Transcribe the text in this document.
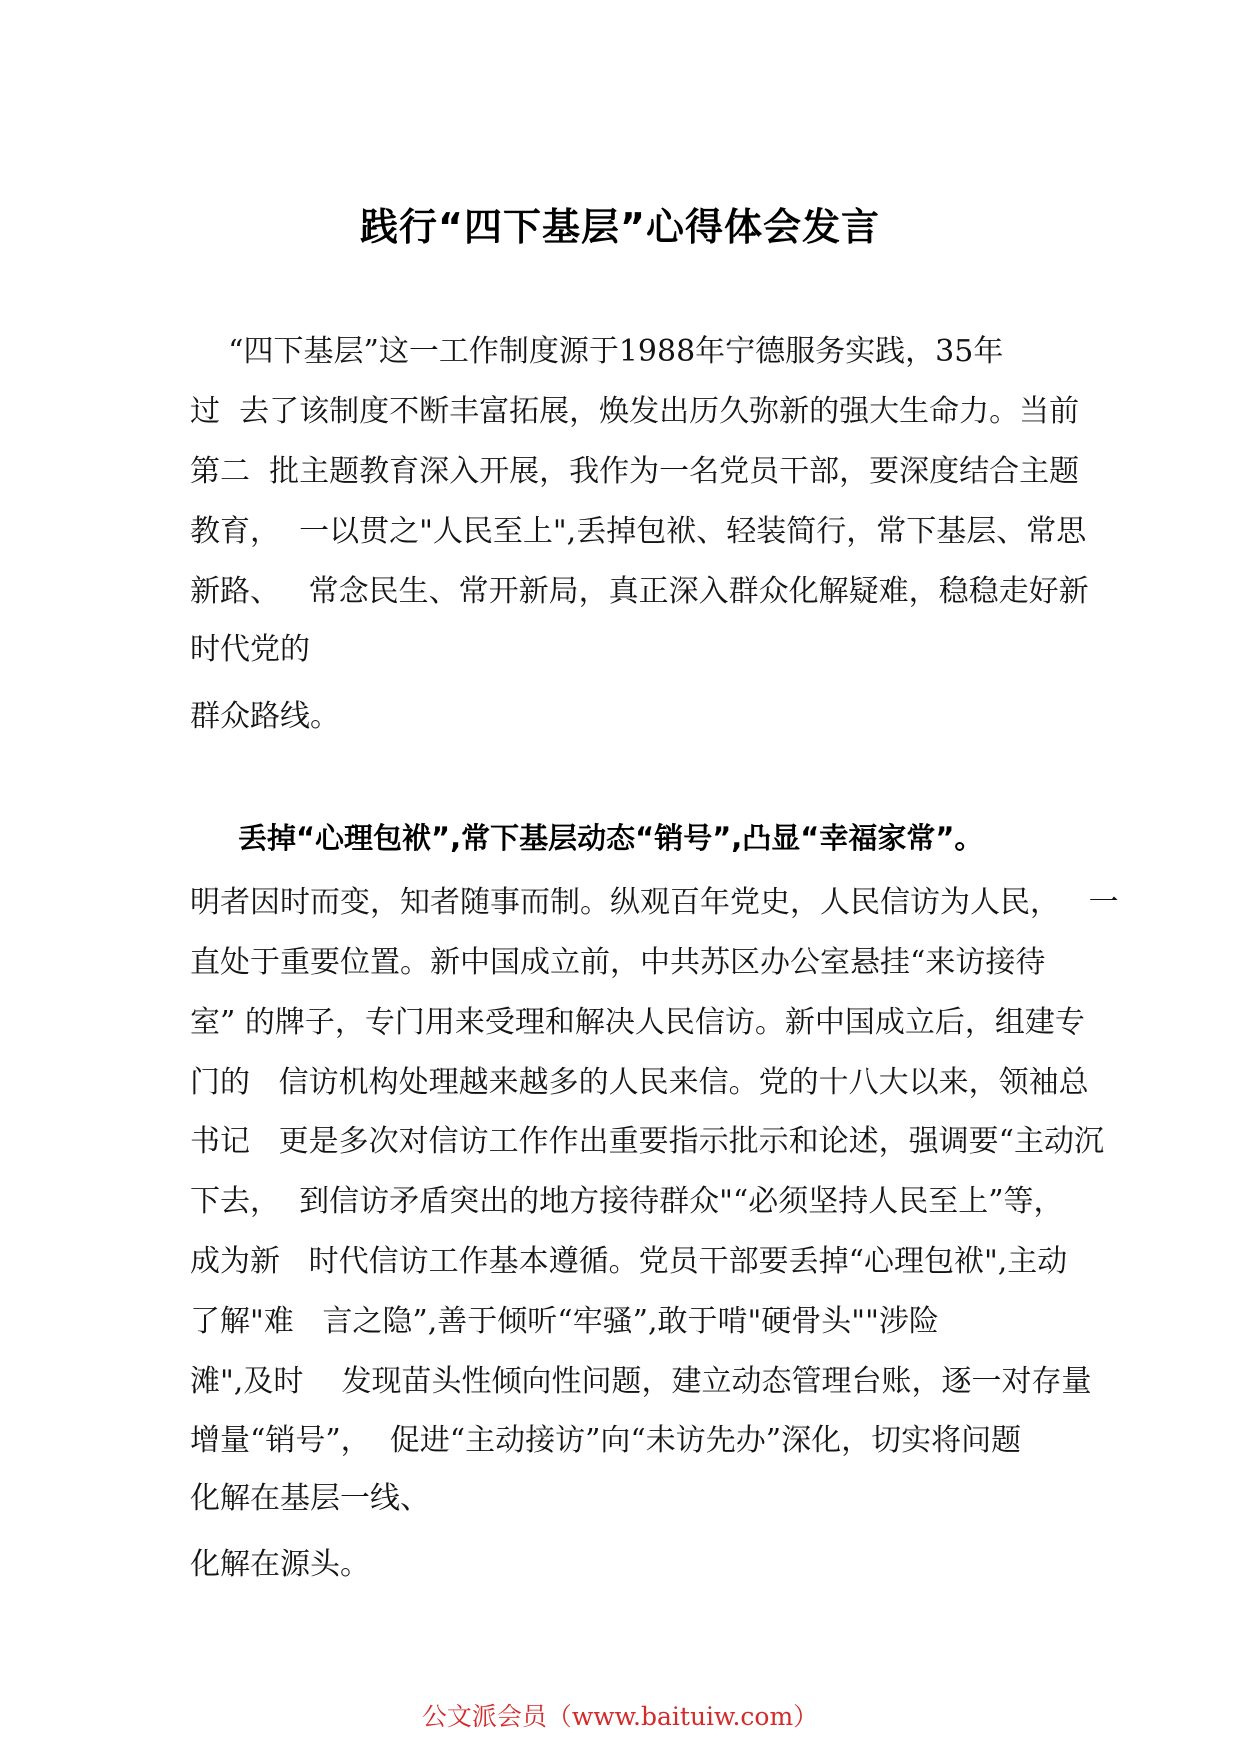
践行“四下基层”心得体会发言
“四下基层”这一工作制度源于1988年宁德服务实践，35年
过  去了该制度不断丰富拓展，焕发出历久弥新的强大生命力。当前
第二  批主题教育深入开展，我作为一名党员干部，要深度结合主题
教育，  一以贯之"人民至上",丢掉包袱、轻装简行，常下基层、常思
新路、   常念民生、常开新局，真正深入群众化解疑难，稳稳走好新
时代党的
群众路线。
丢掉“心理包袱”,常下基层动态“销号”,凸显“幸福家常”。
明者因时而变，知者随事而制。纵观百年党史，人民信访为人民，   一
直处于重要位置。新中国成立前，中共苏区办公室悬挂“来访接待
室” 的牌子，专门用来受理和解决人民信访。新中国成立后，组建专
门的   信访机构处理越来越多的人民来信。党的十八大以来，领袖总
书记   更是多次对信访工作作出重要指示批示和论述，强调要“主动沉
下去，  到信访矛盾突出的地方接待群众"“必须坚持人民至上”等，
成为新   时代信访工作基本遵循。党员干部要丢掉“心理包袱",主动
了解"难   言之隐”,善于倾听“牢骚”,敢于啃"硬骨头""涉险
滩",及时    发现苗头性倾向性问题，建立动态管理台账，逐一对存量
增量“销号”，  促进“主动接访”向“未访先办”深化，切实将问题
化解在基层一线、
化解在源头。
公文派会员（www.baituiw.com）
